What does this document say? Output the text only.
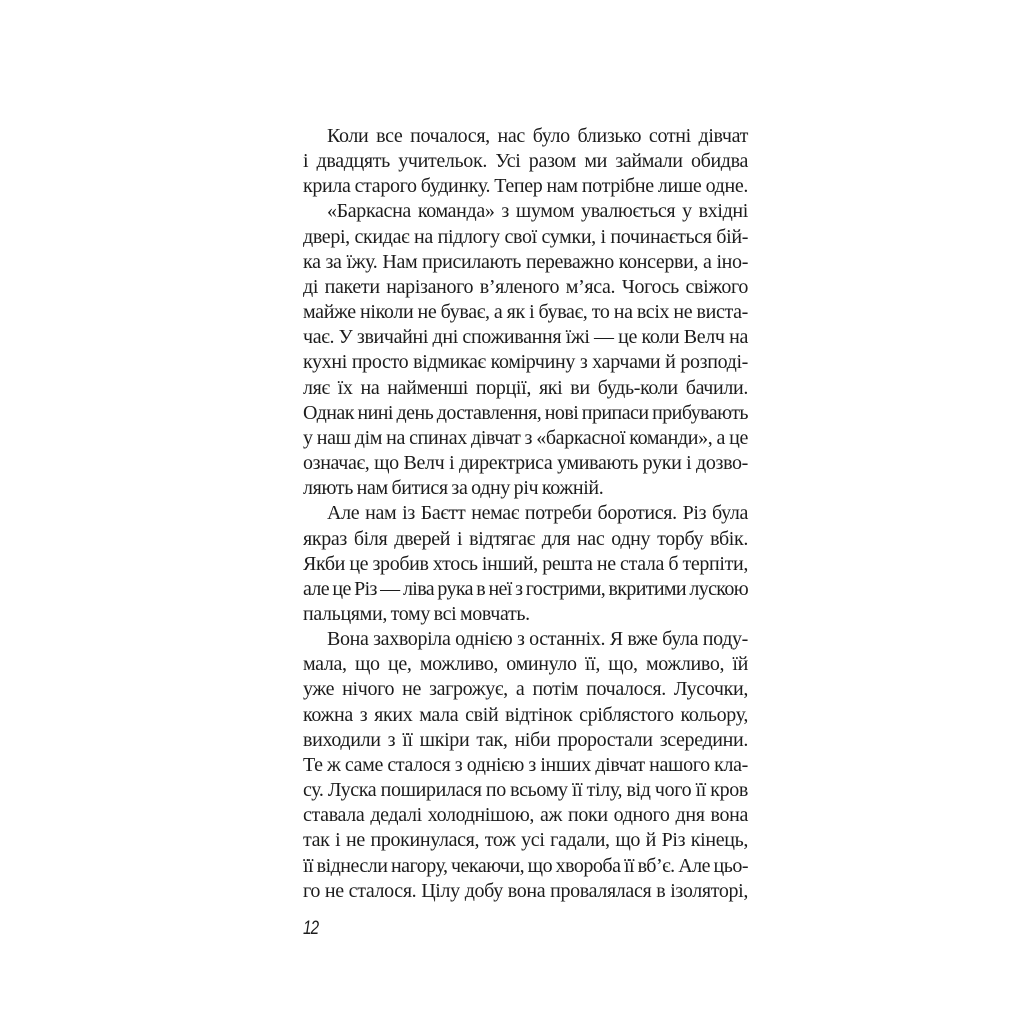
Коли все почалося, нас було близько сотні дівчат
і двадцять учительок. Усі разом ми займали обидва
крила старого будинку. Тепер нам потрібне лише одне.
«Баркасна команда» з шумом увалюється у вхідні
двері, скидає на підлогу свої сумки, і починається бій-
ка за їжу. Нам присилають переважно консерви, а іно-
ді пакети нарізаного в’яленого м’яса. Чогось свіжого
майже ніколи не буває, а як і буває, то на всіх не виста-
чає. У звичайні дні споживання їжі — це коли Велч на
кухні просто відмикає комірчину з харчами й розподі-
ляє їх на найменші порції, які ви будь-коли бачили.
Однак нині день доставлення, нові припаси прибувають
у наш дім на спинах дівчат з «баркасної команди», а це
означає, що Велч і директриса умивають руки і дозво-
ляють нам битися за одну річ кожній.
Але нам із Баєтт немає потреби боротися. Різ була
якраз біля дверей і відтягає для нас одну торбу вбік.
Якби це зробив хтось інший, решта не стала б терпіти,
але це Різ — ліва рука в неї з гострими, вкритими лускою
пальцями, тому всі мовчать.
Вона захворіла однією з останніх. Я вже була поду-
мала, що це, можливо, оминуло її, що, можливо, їй
уже нічого не загрожує, а потім почалося. Лусочки,
кожна з яких мала свій відтінок сріблястого кольору,
виходили з її шкіри так, ніби проростали зсередини.
Те ж саме сталося з однією з інших дівчат нашого кла-
су. Луска поширилася по всьому її тілу, від чого її кров
ставала дедалі холоднішою, аж поки одного дня вона
так і не прокинулася, тож усі гадали, що й Різ кінець,
її віднесли нагору, чекаючи, що хвороба її вб’є. Але цьо-
го не сталося. Цілу добу вона провалялася в ізоляторі,
12
